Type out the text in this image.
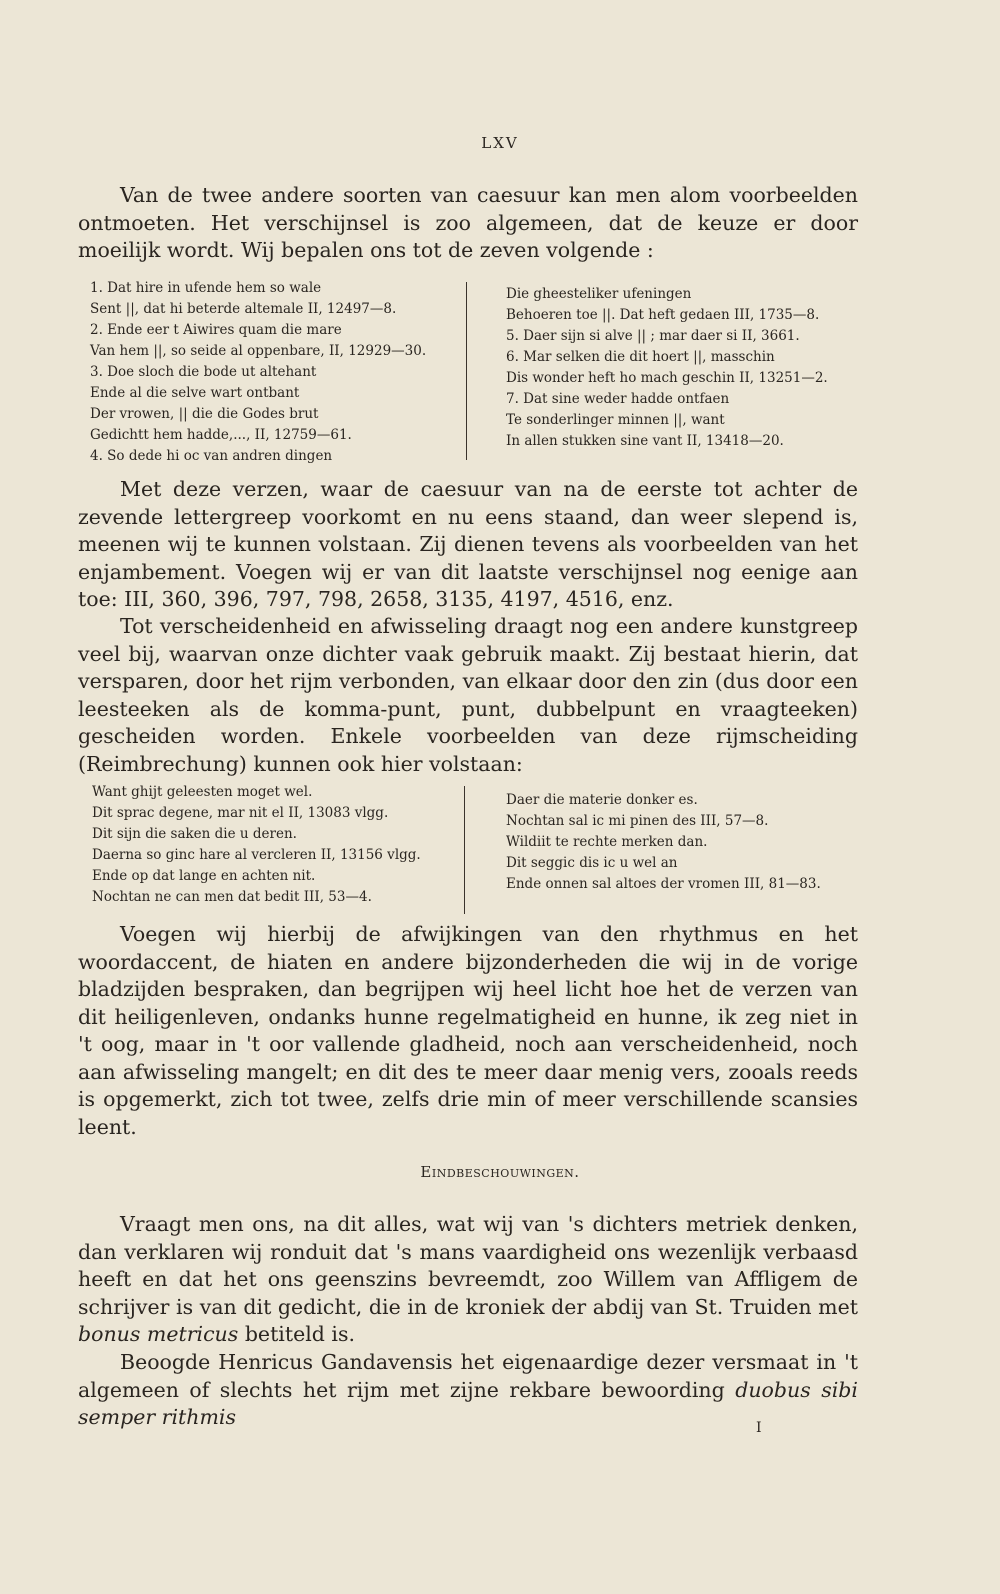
LXV

Van de twee andere soorten van caesuur kan men alom voorbeelden ontmoeten. Het verschijnsel is zoo algemeen, dat de keuze er door moeilijk wordt. Wij bepalen ons tot de zeven volgende :

1. Dat hire in ufende hem so wale
Sent ||, dat hi beterde altemale II, 12497—8.
2. Ende eer t Aiwires quam die mare
Van hem ||, so seide al oppenbare, II, 12929—30.
3. Doe sloch die bode ut altehant
Ende al die selve wart ontbant
Der vrowen, || die die Godes brut
Gedichtt hem hadde,..., II, 12759—61.
4. So dede hi oc van andren dingen
Die gheesteliker ufeningen
Behoeren toe ||. Dat heft gedaen III, 1735—8.
5. Daer sijn si alve || ; mar daer si II, 3661.
6. Mar selken die dit hoert ||, masschin
Dis wonder heft ho mach geschin II, 13251—2.
7. Dat sine weder hadde ontfaen
Te sonderlinger minnen ||, want
In allen stukken sine vant II, 13418—20.

Met deze verzen, waar de caesuur van na de eerste tot achter de zevende lettergreep voorkomt en nu eens staand, dan weer slepend is, meenen wij te kunnen volstaan. Zij dienen tevens als voorbeelden van het enjambement. Voegen wij er van dit laatste verschijnsel nog eenige aan toe: III, 360, 396, 797, 798, 2658, 3135, 4197, 4516, enz.

Tot verscheidenheid en afwisseling draagt nog een andere kunstgreep veel bij, waarvan onze dichter vaak gebruik maakt. Zij bestaat hierin, dat versparen, door het rijm verbonden, van elkaar door den zin (dus door een leesteeken als de komma-punt, punt, dubbelpunt en vraagteeken) gescheiden worden. Enkele voorbeelden van deze rijmscheiding (Reimbrechung) kunnen ook hier volstaan:

Want ghijt geleesten moget wel.
Dit sprac degene, mar nit el II, 13083 vlgg.
Dit sijn die saken die u deren.
Daerna so ginc hare al vercleren II, 13156 vlgg.
Ende op dat lange en achten nit.
Nochtan ne can men dat bedit III, 53—4.
Daer die materie donker es.
Nochtan sal ic mi pinen des III, 57—8.
Wildiit te rechte merken dan.
Dit seggic dis ic u wel an
Ende onnen sal altoes der vromen III, 81—83.

Voegen wij hierbij de afwijkingen van den rhythmus en het woordaccent, de hiaten en andere bijzonderheden die wij in de vorige bladzijden bespraken, dan begrijpen wij heel licht hoe het de verzen van dit heiligenleven, ondanks hunne regelmatigheid en hunne, ik zeg niet in 't oog, maar in 't oor vallende gladheid, noch aan verscheidenheid, noch aan afwisseling mangelt; en dit des te meer daar menig vers, zooals reeds is opgemerkt, zich tot twee, zelfs drie min of meer verschillende scansies leent.

Eindbeschouwingen.

Vraagt men ons, na dit alles, wat wij van 's dichters metriek denken, dan verklaren wij ronduit dat 's mans vaardigheid ons wezenlijk verbaasd heeft en dat het ons geenszins bevreemdt, zoo Willem van Affligem de schrijver is van dit gedicht, die in de kroniek der abdij van St. Truiden met bonus metricus betiteld is.

Beoogde Henricus Gandavensis het eigenaardige dezer versmaat in 't algemeen of slechts het rijm met zijne rekbare bewoording duobus sibi semper rithmis	I
